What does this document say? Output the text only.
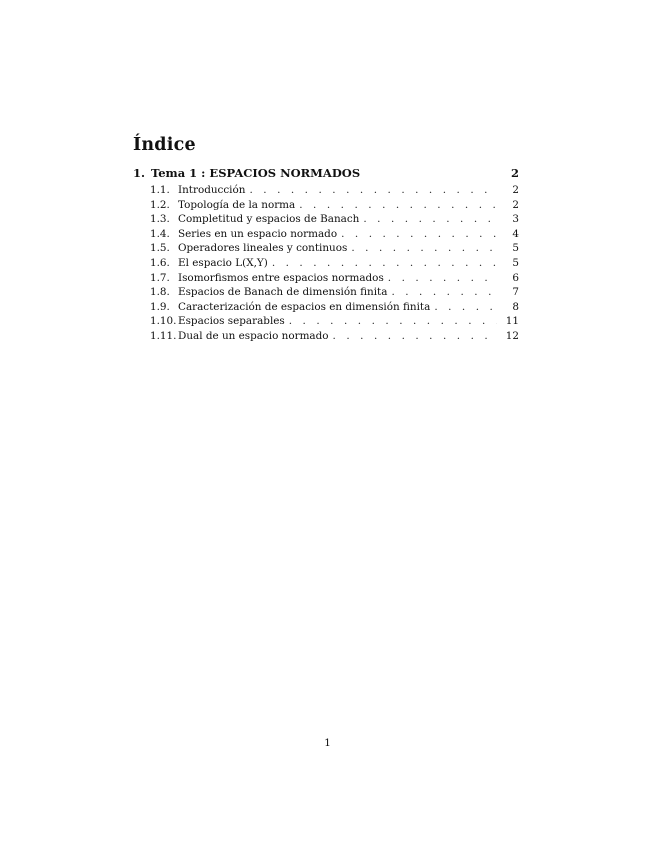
Índice
1. Tema 1 : ESPACIOS NORMADOS	2
1.1. Introducción . . .	2
1.2. Topología de la norma . . .	2
1.3. Completitud y espacios de Banach . . .	3
1.4. Series en un espacio normado . . .	4
1.5. Operadores lineales y continuos . . .	5
1.6. El espacio L(X,Y) . . .	5
1.7. Isomorfismos entre espacios normados . . .	6
1.8. Espacios de Banach de dimensión finita . . .	7
1.9. Caracterización de espacios en dimensión finita . . .	8
1.10. Espacios separables . . .	11
1.11. Dual de un espacio normado . . .	12
1
